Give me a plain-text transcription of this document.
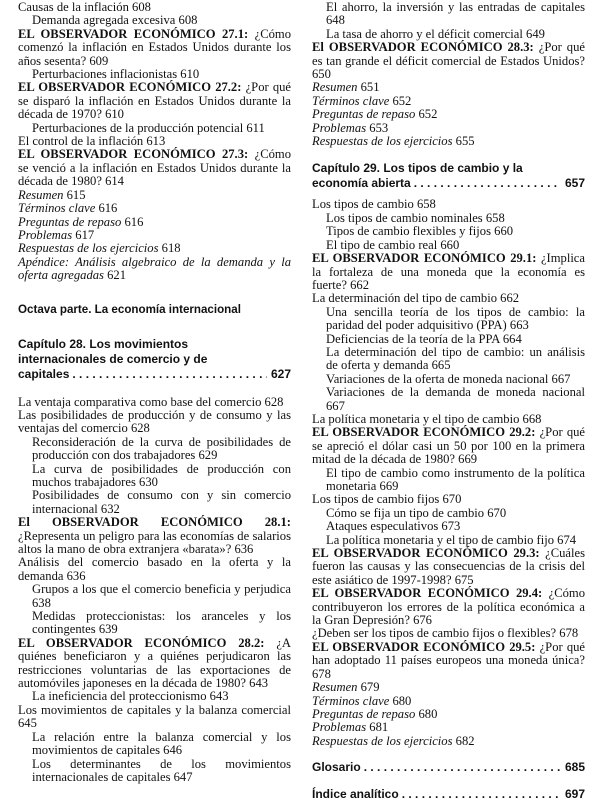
Causas de la inflación 608

Demanda agregada excesiva 608

EL OBSERVADOR ECONÓMICO 27.1: ¿Cómo comenzó la inflación en Estados Unidos durante los años sesenta? 609

Perturbaciones inflacionistas 610

EL OBSERVADOR ECONÓMICO 27.2: ¿Por qué se disparó la inflación en Estados Unidos durante la década de 1970? 610

Perturbaciones de la producción potencial 611

El control de la inflación 613

EL OBSERVADOR ECONÓMICO 27.3: ¿Cómo se venció a la inflación en Estados Unidos durante la década de 1980? 614

Resumen 615

Términos clave 616

Preguntas de repaso 616

Problemas 617

Respuestas de los ejercicios 618

Apéndice: Análisis algebraico de la demanda y la oferta agregadas 621

Octava parte. La economía internacional
Capítulo 28. Los movimientos internacionales de comercio y de capitales . . .	627

La ventaja comparativa como base del comercio 628

Las posibilidades de producción y de consumo y las ventajas del comercio 628

Reconsideración de la curva de posibilidades de producción con dos trabajadores 629

La curva de posibilidades de producción con muchos trabajadores 630

Posibilidades de consumo con y sin comercio internacional 632

El OBSERVADOR ECONÓMICO 28.1: ¿Representa un peligro para las economías de salarios altos la mano de obra extranjera «barata»? 636

Análisis del comercio basado en la oferta y la demanda 636

Grupos a los que el comercio beneficia y perjudica 638

Medidas proteccionistas: los aranceles y los contingentes 639

EL OBSERVADOR ECONÓMICO 28.2: ¿A quiénes beneficiaron y a quiénes perjudicaron las restricciones voluntarias de las exportaciones de automóviles japoneses en la década de 1980? 643

La ineficiencia del proteccionismo 643

Los movimientos de capitales y la balanza comercial 645

La relación entre la balanza comercial y los movimientos de capitales 646

Los determinantes de los movimientos internacionales de capitales 647

El ahorro, la inversión y las entradas de capitales 648

La tasa de ahorro y el déficit comercial 649

El OBSERVADOR ECONÓMICO 28.3: ¿Por qué es tan grande el déficit comercial de Estados Unidos? 650

Resumen 651

Términos clave 652

Preguntas de repaso 652

Problemas 653

Respuestas de los ejercicios 655

Capítulo 29. Los tipos de cambio y la economía abierta . . .	657

Los tipos de cambio 658

Los tipos de cambio nominales 658

Tipos de cambio flexibles y fijos 660

El tipo de cambio real 660

EL OBSERVADOR ECONÓMICO 29.1: ¿Implica la fortaleza de una moneda que la economía es fuerte? 662

La determinación del tipo de cambio 662

Una sencilla teoría de los tipos de cambio: la paridad del poder adquisitivo (PPA) 663

Deficiencias de la teoría de la PPA 664

La determinación del tipo de cambio: un análisis de oferta y demanda 665

Variaciones de la oferta de moneda nacional 667

Variaciones de la demanda de moneda nacional 667

La política monetaria y el tipo de cambio 668

EL OBSERVADOR ECONÓMICO 29.2: ¿Por qué se apreció el dólar casi un 50 por 100 en la primera mitad de la década de 1980? 669

El tipo de cambio como instrumento de la política monetaria 669

Los tipos de cambio fijos 670

Cómo se fija un tipo de cambio 670

Ataques especulativos 673

La política monetaria y el tipo de cambio fijo 674

EL OBSERVADOR ECONÓMICO 29.3: ¿Cuáles fueron las causas y las consecuencias de la crisis del este asiático de 1997-1998? 675

EL OBSERVADOR ECONÓMICO 29.4: ¿Cómo contribuyeron los errores de la política económica a la Gran Depresión? 676

¿Deben ser los tipos de cambio fijos o flexibles? 678

EL OBSERVADOR ECONÓMICO 29.5: ¿Por qué han adoptado 11 países europeos una moneda única? 678

Resumen 679

Términos clave 680

Preguntas de repaso 680

Problemas 681

Respuestas de los ejercicios 682

Glosario . . .	685
Índice analítico . . .	697
